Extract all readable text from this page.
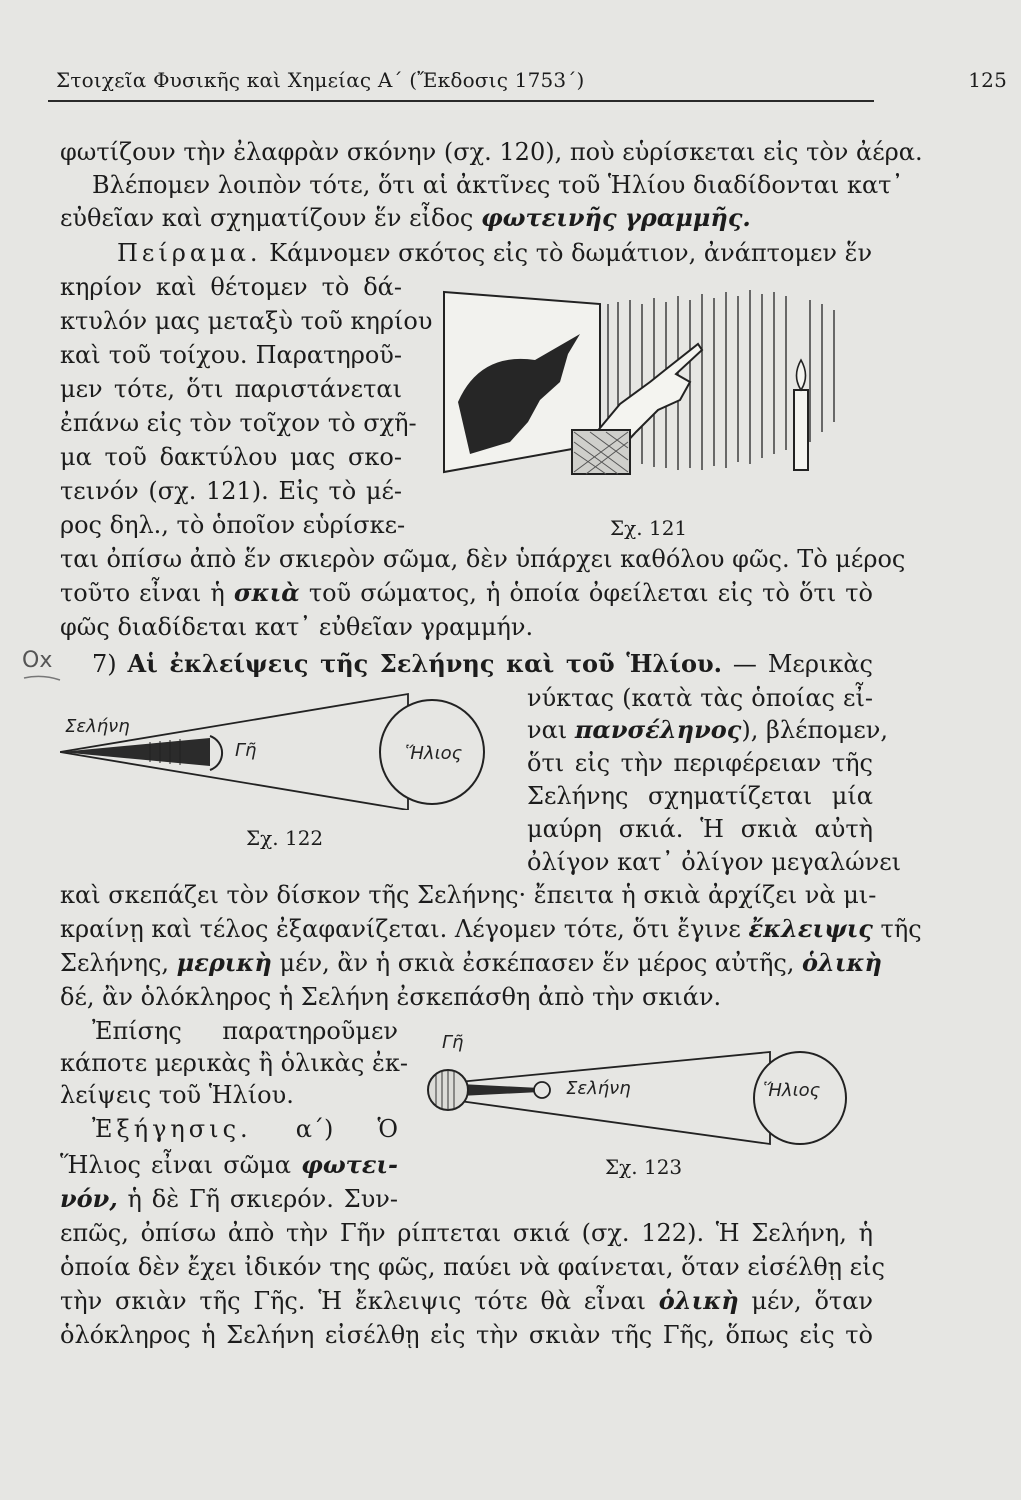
Στοιχεῖα Φυσικῆς καὶ Χημείας Α΄ (Ἔκδοσις 1753΄)	125
φωτίζουν τὴν ἐλαφρὰν σκόνην (σχ. 120), ποὺ εὑρίσκεται εἰς τὸν ἀέρα.
Βλέπομεν λοιπὸν τότε, ὅτι αἱ ἀκτῖνες τοῦ Ἡλίου διαδίδονται κατ᾽
εὐθεῖαν καὶ σχηματίζουν ἕν εἶδος φωτεινῆς γραμμῆς.
Πείραμα. Κάμνομεν σκότος εἰς τὸ δωμάτιον, ἀνάπτομεν ἕν
κηρίον καὶ θέτομεν τὸ δά-
κτυλόν μας μεταξὺ τοῦ κηρίου
καὶ τοῦ τοίχου. Παρατηροῦ-
μεν τότε, ὅτι παριστάνεται
ἐπάνω εἰς τὸν τοῖχον τὸ σχῆ-
μα τοῦ δακτύλου μας σκο-
τεινόν (σχ. 121). Εἰς τὸ μέ-
ρος δηλ., τὸ ὁποῖον εὑρίσκε-
ται ὀπίσω ἀπὸ ἕν σκιερὸν σῶμα, δὲν ὑπάρχει καθόλου φῶς. Τὸ μέρος
τοῦτο εἶναι ἡ σκιὰ τοῦ σώματος, ἡ ὁποία ὀφείλεται εἰς τὸ ὅτι τὸ
φῶς διαδίδεται κατ᾽ εὐθεῖαν γραμμήν.
Ox 7) Αἱ ἐκλείψεις τῆς Σελήνης καὶ τοῦ Ἡλίου. — Μερικὰς
νύκτας (κατὰ τὰς ὁποίας εἶ-
ναι πανσέληνος), βλέπομεν,
ὅτι εἰς τὴν περιφέρειαν τῆς
Σελήνης σχηματίζεται μία
μαύρη σκιά. Ἡ σκιὰ αὐτὴ
ὀλίγον κατ᾽ ὀλίγον μεγαλώνει
καὶ σκεπάζει τὸν δίσκον τῆς Σελήνης· ἔπειτα ἡ σκιὰ ἀρχίζει νὰ μι-
κραίνῃ καὶ τέλος ἐξαφανίζεται. Λέγομεν τότε, ὅτι ἔγινε ἔκλειψις τῆς
Σελήνης, μερικὴ μέν, ἂν ἡ σκιὰ ἐσκέπασεν ἕν μέρος αὐτῆς, ὁλικὴ
δέ, ἂν ὁλόκληρος ἡ Σελήνη ἐσκεπάσθη ἀπὸ τὴν σκιάν.
Ἐπίσης παρατηροῦμεν
κάποτε μερικὰς ἢ ὁλικὰς ἐκ-
λείψεις τοῦ Ἡλίου.
Ἐξήγησις. α΄) Ὁ
Ἥλιος εἶναι σῶμα φωτει-
νόν, ἡ δὲ Γῆ σκιερόν. Συν-
επῶς, ὀπίσω ἀπὸ τὴν Γῆν ρίπτεται σκιά (σχ. 122). Ἡ Σελήνη, ἡ
ὁποία δὲν ἔχει ἰδικόν της φῶς, παύει νὰ φαίνεται, ὅταν εἰσέλθῃ εἰς
τὴν σκιὰν τῆς Γῆς. Ἡ ἔκλειψις τότε θὰ εἶναι ὁλικὴ μέν, ὅταν
ὁλόκληρος ἡ Σελήνη εἰσέλθῃ εἰς τὴν σκιὰν τῆς Γῆς, ὅπως εἰς τὸ
Σχ. 121
Σελήνη
Γῆ	Ἥλιος
Σχ. 122
Γῆ
Σελήνη	Ἥλιος
Σχ. 123
